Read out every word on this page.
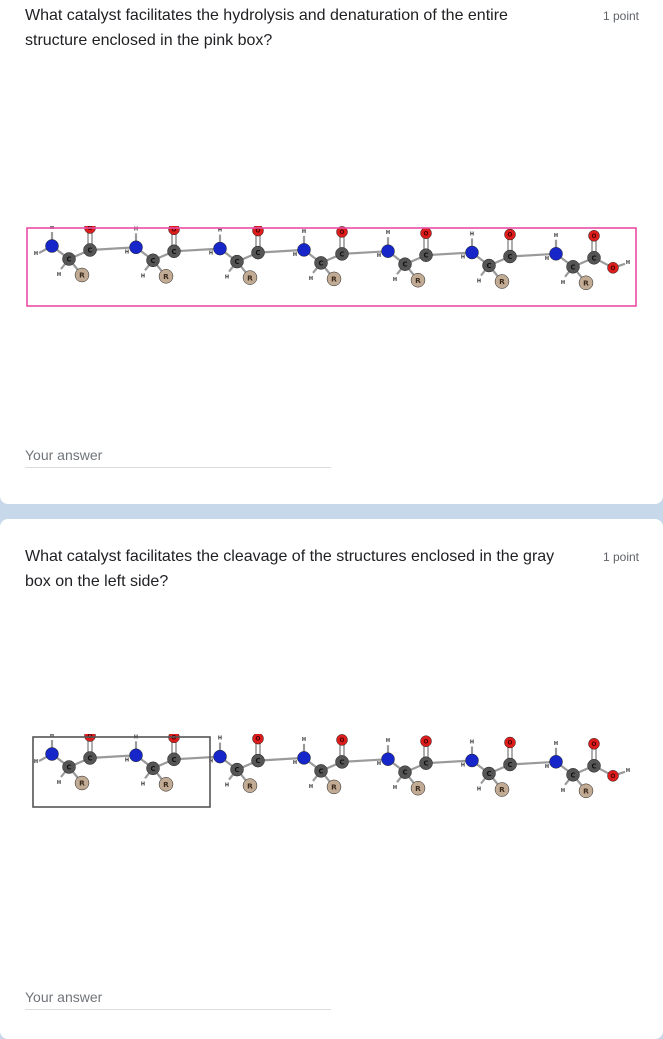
What catalyst facilitates the hydrolysis and denaturation of the entire structure enclosed in the pink box?
1 point
H
H
H
O
R
C
C
H
H
H
O
R
C
C
H
H
H
O
R
C
C
H
H
H
O
R
C
C
H
H
H
O
R
C
C
H
H
H
O
R
C
C
H
H
H
O
R
C
C
O
H
Your answer
What catalyst facilitates the cleavage of the structures enclosed in the gray box on the left side?
1 point
H
H
H
O
R
C
C
H
H
H
O
R
C
C
H
H
H
O
R
C
C
H
H
H
O
R
C
C
H
H
H
O
R
C
C
H
H
H
O
R
C
C
H
H
H
O
R
C
C
O
H
Your answer
